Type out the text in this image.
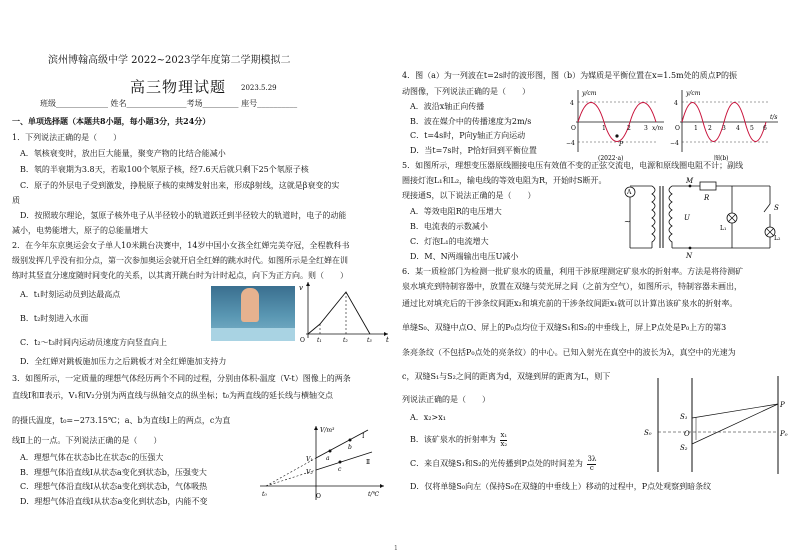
滨州博翰高级中学 2022~2023学年度第二学期模拟二
高三物理试题 2023.5.29
班级_____________ 姓名_______________考场_________ 座号__________
一、单项选择题（本题共8小题，每小题3分，共24分）
1．下列说法正确的是（　　）
A．氡核衰变时，放出巨大能量，聚变产物的比结合能减小
B．氡的半衰期为3.8天，若取100个氡原子核，经7.6天后就只剩下25个氡原子核
C．原子的外层电子受到激发，挣脱原子核的束缚发射出来，形成β射线，这就是β衰变的实
质
D．按照玻尔理论，氢原子核外电子从半径较小的轨道跃迁到半径较大的轨道时，电子的动能
减小，电势能增大，原子的总能量增大
2．在今年东京奥运会女子单人10米跳台决赛中，14岁中国小女孩全红婵完美夺冠，全程教科书
级别发挥几乎没有扣分点，第一次参加奥运会就开启全红婵的跳水时代。如图所示是全红婵在训
练时其竖直分速度随时间变化的关系，以其离开跳台时为计时起点，向下为正方向。则（　　）
A．t₁时刻运动员到达最高点
B．t₂时刻进入水面
C．t₂～t₃时间内运动员速度方向竖直向上
D．全红婵对跳板施加压力之后跳板才对全红婵施加支持力
v
t
O t₁	t₂	t₃
3．如图所示，一定质量的理想气体经历两个不同的过程，分别由体积-温度（V-t）图像上的两条
直线Ⅰ和Ⅱ表示，V₁和V₂分别为两直线与纵轴交点的纵坐标；t₀为两直线的延长线与横轴交点
的摄氏温度，t₀=−273.15℃；a、b为直线Ⅰ上的两点，c为直
线Ⅱ上的一点。下列说法正确的是（　　）
A．理想气体在状态b比在状态c的压强大
B．理想气体沿直线Ⅰ从状态a变化到状态b，压强变大
C．理想气体沿直线Ⅰ从状态a变化到状态b，气体吸热
D．理想气体沿直线Ⅰ从状态a变化到状态b，内能不变
V/m³
t/℃
O
t₀
V₁
V₂
a
b
c
Ⅰ
Ⅱ
4．图（a）为一列波在t=2s时的波形图，图（b）为媒质是平衡位置在x=1.5m处的质点P的振
动图像，下列说法正确的是（　　）
A．波沿x轴正向传播
B．波在媒介中的传播速度为2m/s
C．t=4s时，P向y轴正方向运动
D．当t=7s时，P恰好回到平衡位置
y/cm
x/m
4
−4
O	1	2 3
P
(2022·a)
y/cm
t/s
4
−4
O 1 2 3 4 5 6
图(b)
5．如图所示，理想变压器原线圈接电压有效值不变的正弦交流电，电源和原线圈电阻不计；副线
圈接灯泡L₁和L₂，输电线的等效电阻为R，开始时S断开。
现接通S，以下说法正确的是（　　）
A．等效电阻R的电压增大
B．电流表的示数减小
C．灯泡L₁的电流增大
D．M、N两端输出电压U减小
A
~
M
N
U
R
L₁
S
L₂
6．某一质检部门为检测一批矿泉水的质量，利用干涉原理测定矿泉水的折射率。方法是将待测矿
泉水填充到特制容器中，放置在双缝与荧光屏之间（之前为空气），如图所示，特制容器未画出，
通过比对填充后的干涉条纹间距x₂和填充前的干涉条纹间距x₁就可以计算出该矿泉水的折射率。
单缝S₀、双缝中点O、屏上的P₀点均位于双缝S₁和S₂的中垂线上，屏上P点处是P₀上方的第3
条亮条纹（不包括P₀点处的亮条纹）的中心。已知入射光在真空中的波长为λ，真空中的光速为
c，双缝S₁与S₂之间的距离为d，双缝到屏的距离为L，则下
列说法正确的是（　　）
A．x₂>x₁
B．该矿泉水的折射率为 $\frac{\text{x₁}}{\text{x₂}}$
C．来自双缝S₁和S₂的光传播到P点处的时间差为 $\frac{3\lambda}{c}$
D．仅将单缝S₀向左（保持S₀在双缝的中垂线上）移动的过程中，P点处观察到暗条纹
S₀
S₁
S₂
O
P
P₀
1
